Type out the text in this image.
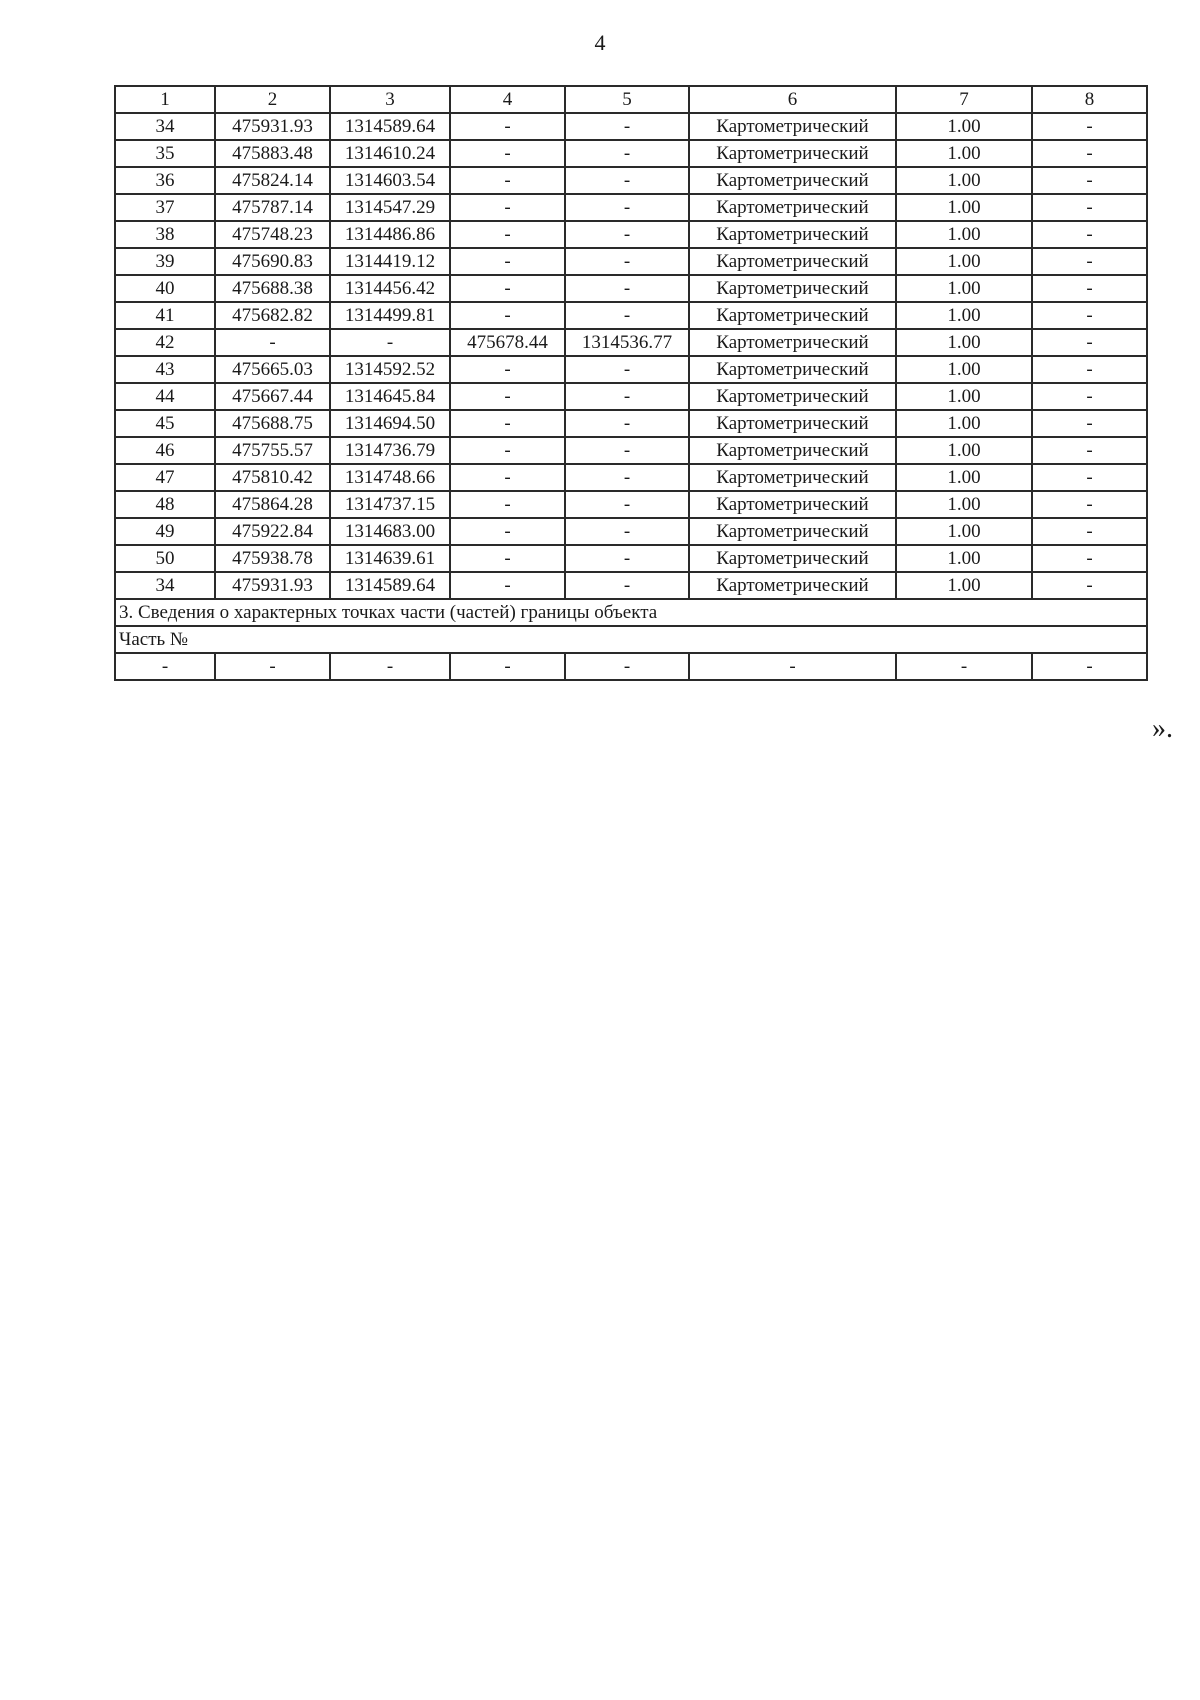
4
1	2	3	4	5	6	7	8
34	475931.93	1314589.64	-	-	Картометрический	1.00	-
35	475883.48	1314610.24	-	-	Картометрический	1.00	-
36	475824.14	1314603.54	-	-	Картометрический	1.00	-
37	475787.14	1314547.29	-	-	Картометрический	1.00	-
38	475748.23	1314486.86	-	-	Картометрический	1.00	-
39	475690.83	1314419.12	-	-	Картометрический	1.00	-
40	475688.38	1314456.42	-	-	Картометрический	1.00	-
41	475682.82	1314499.81	-	-	Картометрический	1.00	-
42	-	-	475678.44	1314536.77	Картометрический	1.00	-
43	475665.03	1314592.52	-	-	Картометрический	1.00	-
44	475667.44	1314645.84	-	-	Картометрический	1.00	-
45	475688.75	1314694.50	-	-	Картометрический	1.00	-
46	475755.57	1314736.79	-	-	Картометрический	1.00	-
47	475810.42	1314748.66	-	-	Картометрический	1.00	-
48	475864.28	1314737.15	-	-	Картометрический	1.00	-
49	475922.84	1314683.00	-	-	Картометрический	1.00	-
50	475938.78	1314639.61	-	-	Картометрический	1.00	-
34	475931.93	1314589.64	-	-	Картометрический	1.00	-
3. Сведения о характерных точках части (частей) границы объекта							
Часть №							
-	-	-	-	-	-	-	-
».
